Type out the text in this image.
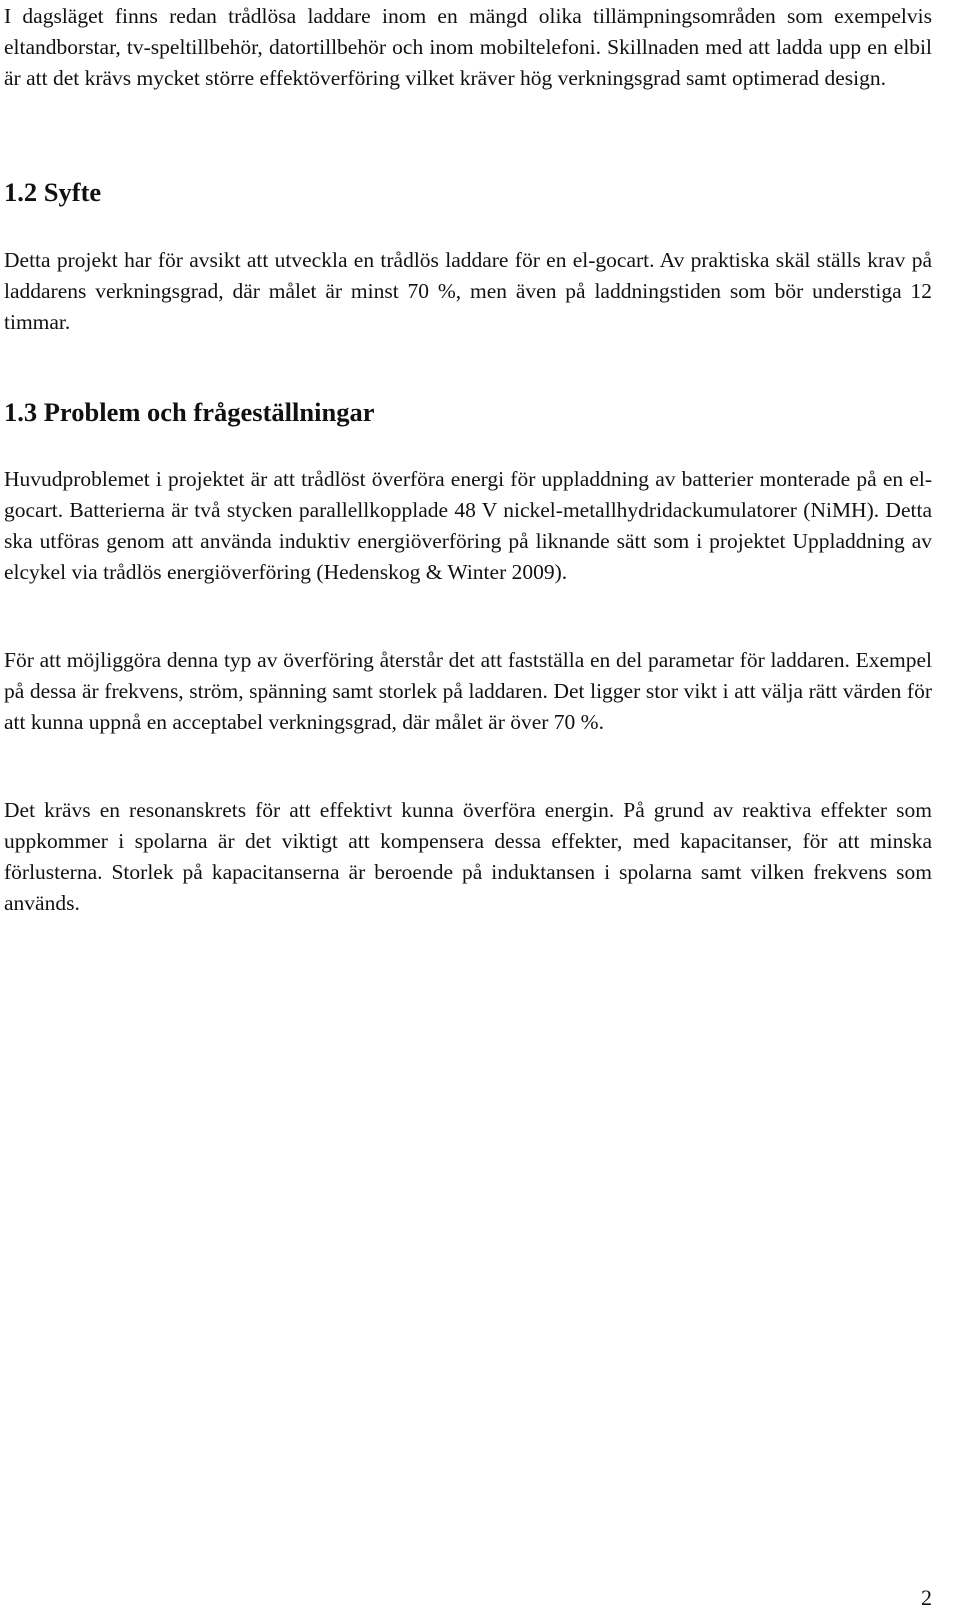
I dagsläget finns redan trådlösa laddare inom en mängd olika tillämpningsområden som exempelvis eltandborstar, tv-speltillbehör, datortillbehör och inom mobiltelefoni. Skillnaden med att ladda upp en elbil är att det krävs mycket större effektöverföring vilket kräver hög verkningsgrad samt optimerad design.

1.2 Syfte

Detta projekt har för avsikt att utveckla en trådlös laddare för en el-gocart. Av praktiska skäl ställs krav på laddarens verkningsgrad, där målet är minst 70 %, men även på laddningstiden som bör understiga 12 timmar.

1.3 Problem och frågeställningar

Huvudproblemet i projektet är att trådlöst överföra energi för uppladdning av batterier monterade på en el-gocart. Batterierna är två stycken parallellkopplade 48 V nickel-metallhydridackumulatorer (NiMH). Detta ska utföras genom att använda induktiv energiöverföring på liknande sätt som i projektet Uppladdning av elcykel via trådlös energiöverföring (Hedenskog & Winter 2009).

För att möjliggöra denna typ av överföring återstår det att fastställa en del parametar för laddaren. Exempel på dessa är frekvens, ström, spänning samt storlek på laddaren. Det ligger stor vikt i att välja rätt värden för att kunna uppnå en acceptabel verkningsgrad, där målet är över 70 %.

Det krävs en resonanskrets för att effektivt kunna överföra energin. På grund av reaktiva effekter som uppkommer i spolarna är det viktigt att kompensera dessa effekter, med kapacitanser, för att minska förlusterna. Storlek på kapacitanserna är beroende på induktansen i spolarna samt vilken frekvens som används.

2
